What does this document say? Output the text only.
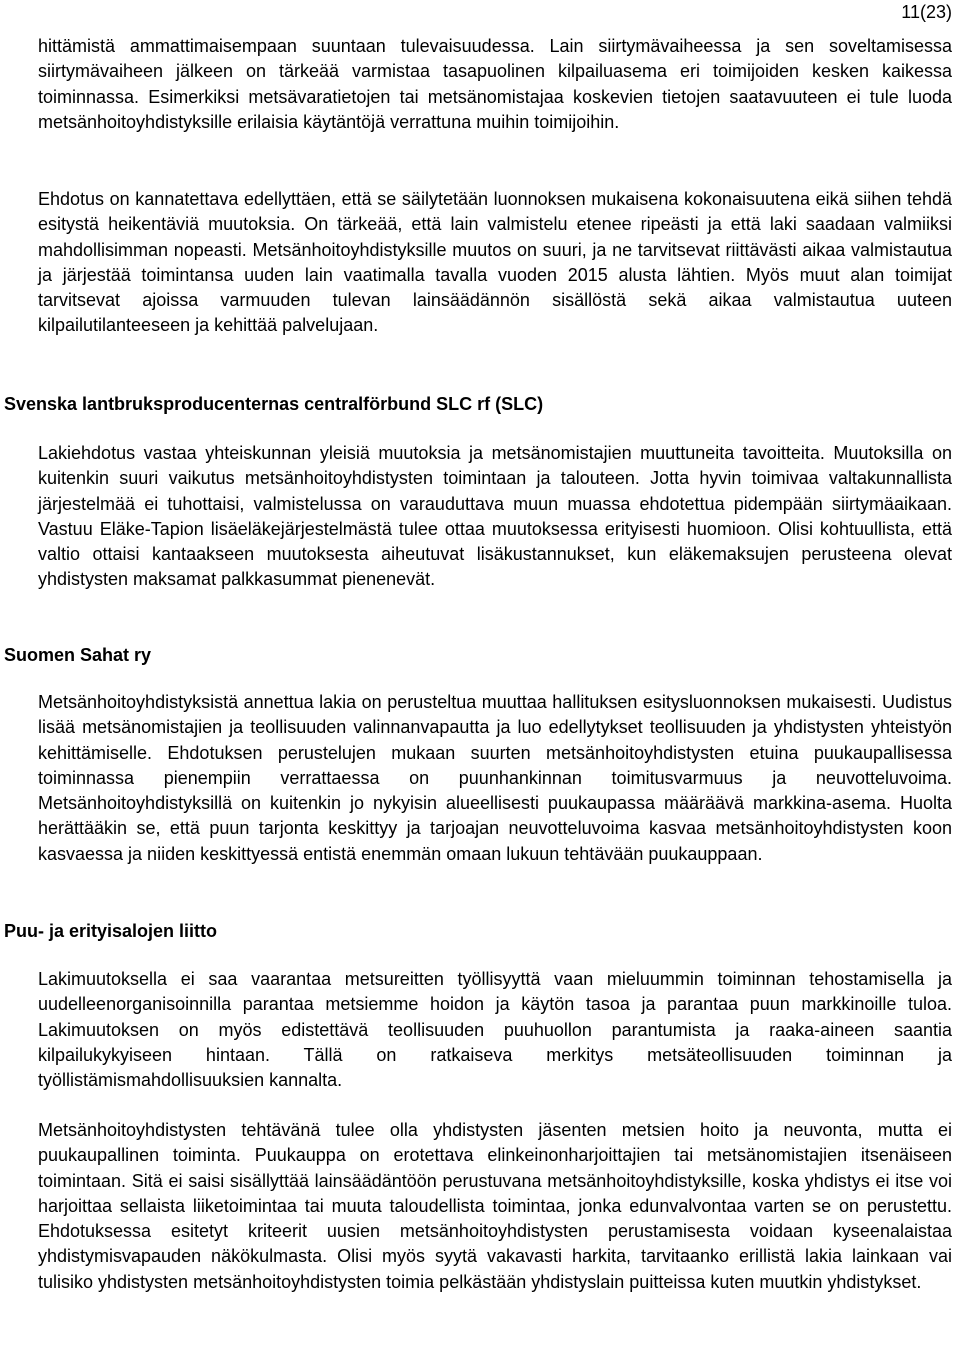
11(23)

hittämistä ammattimaisempaan suuntaan tulevaisuudessa. Lain siirtymävaiheessa ja sen soveltamisessa siirtymävaiheen jälkeen on tärkeää varmistaa tasapuolinen kilpailuasema eri toimijoiden kesken kaikessa toiminnassa. Esimerkiksi metsävaratietojen tai metsänomistajaa koskevien tietojen saatavuuteen ei tule luoda metsänhoitoyhdistyksille erilaisia käytäntöjä verrattuna muihin toimijoihin.

Ehdotus on kannatettava edellyttäen, että se säilytetään luonnoksen mukaisena kokonaisuutena eikä siihen tehdä esitystä heikentäviä muutoksia. On tärkeää, että lain valmistelu etenee ripeästi ja että laki saadaan valmiiksi mahdollisimman nopeasti. Metsänhoitoyhdistyksille muutos on suuri, ja ne tarvitsevat riittävästi aikaa valmistautua ja järjestää toimintansa uuden lain vaatimalla tavalla vuoden 2015 alusta lähtien. Myös muut alan toimijat tarvitsevat ajoissa varmuuden tulevan lainsäädännön sisällöstä sekä aikaa valmistautua uuteen kilpailutilanteeseen ja kehittää palvelujaan.

Svenska lantbruksproducenternas centralförbund SLC rf (SLC)

Lakiehdotus vastaa yhteiskunnan yleisiä muutoksia ja metsänomistajien muuttuneita tavoitteita. Muutoksilla on kuitenkin suuri vaikutus metsänhoitoyhdistysten toimintaan ja talouteen. Jotta hyvin toimivaa valtakunnallista järjestelmää ei tuhottaisi, valmistelussa on varauduttava muun muassa ehdotettua pidempään siirtymäaikaan. Vastuu Eläke-Tapion lisäeläkejärjestelmästä tulee ottaa muutoksessa erityisesti huomioon. Olisi kohtuullista, että valtio ottaisi kantaakseen muutoksesta aiheutuvat lisäkustannukset, kun eläkemaksujen perusteena olevat yhdistysten maksamat palkkasummat pienenevät.

Suomen Sahat ry

Metsänhoitoyhdistyksistä annettua lakia on perusteltua muuttaa hallituksen esitysluonnoksen mukaisesti. Uudistus lisää metsänomistajien ja teollisuuden valinnanvapautta ja luo edellytykset teollisuuden ja yhdistysten yhteistyön kehittämiselle. Ehdotuksen perustelujen mukaan suurten metsänhoitoyhdistysten etuina puukaupallisessa toiminnassa pienempiin verrattaessa on puunhankinnan toimitusvarmuus ja neuvotteluvoima. Metsänhoitoyhdistyksillä on kuitenkin jo nykyisin alueellisesti puukaupassa määräävä markkina-asema. Huolta herättääkin se, että puun tarjonta keskittyy ja tarjoajan neuvotteluvoima kasvaa metsänhoitoyhdistysten koon kasvaessa ja niiden keskittyessä entistä enemmän omaan lukuun tehtävään puukauppaan.

Puu- ja erityisalojen liitto

Lakimuutoksella ei saa vaarantaa metsureitten työllisyyttä vaan mieluummin toiminnan tehostamisella ja uudelleenorganisoinnilla parantaa metsiemme hoidon ja käytön tasoa ja parantaa puun markkinoille tuloa. Lakimuutoksen on myös edistettävä teollisuuden puuhuollon parantumista ja raaka-aineen saantia kilpailukykyiseen hintaan. Tällä on ratkaiseva merkitys metsäteollisuuden toiminnan ja työllistämismahdollisuuksien kannalta.

Metsänhoitoyhdistysten tehtävänä tulee olla yhdistysten jäsenten metsien hoito ja neuvonta, mutta ei puukaupallinen toiminta. Puukauppa on erotettava elinkeinonharjoittajien tai metsänomistajien itsenäiseen toimintaan. Sitä ei saisi sisällyttää lainsäädäntöön perustuvana metsänhoitoyhdistyksille, koska yhdistys ei itse voi harjoittaa sellaista liiketoimintaa tai muuta taloudellista toimintaa, jonka edunvalvontaa varten se on perustettu. Ehdotuksessa esitetyt kriteerit uusien metsänhoitoyhdistysten perustamisesta voidaan kyseenalaistaa yhdistymisvapauden näkökulmasta. Olisi myös syytä vakavasti harkita, tarvitaanko erillistä lakia lainkaan vai tulisiko yhdistysten metsänhoitoyhdistysten toimia pelkästään yhdistyslain puitteissa kuten muutkin yhdistykset.
